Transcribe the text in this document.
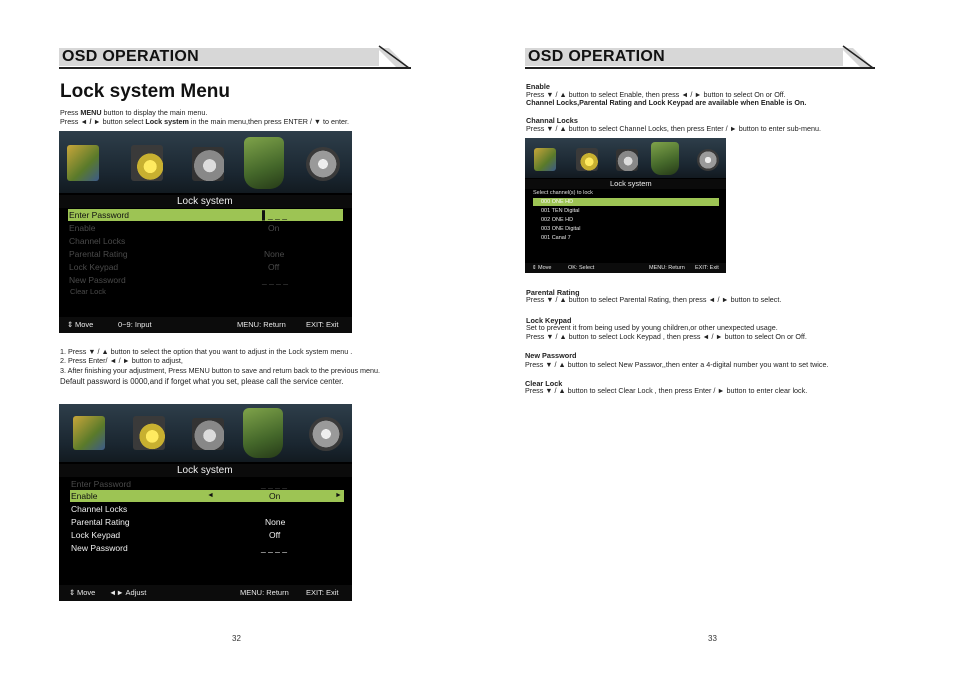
OSD OPERATION
Lock system Menu
Press MENU button to display the main menu.
Press ◄ / ► button select Lock system in the main menu,then press ENTER / ▼ to enter.
Lock system
Enter Password	▌_ _ _
Enable	On
Channel Locks
Parental Rating	None
Lock Keypad	Off
New Password	_ _ _ _
Clear Lock
⇕ Move	0~9: Input	MENU: Return	EXIT: Exit
1. Press ▼ / ▲ button to select the option that you want to adjust in the Lock system menu .
2. Press Enter/ ◄ / ► button to adjust,
3. After finishing your adjustment, Press MENU button to save and return back to the previous menu.
Default password is 0000,and if forget what you set, please call the service center.
Lock system
Enter Password	_ _ _ _
Enable	◄	On	►
Channel Locks
Parental Rating	None
Lock Keypad	Off
New Password	_ _ _ _
⇕ Move ◄► Adjust	MENU: Return EXIT: Exit
32
OSD OPERATION
Enable
Press ▼ / ▲ button to select Enable, then press ◄ / ► button to select On or Off.
Channel Locks,Parental Rating and Lock Keypad are available when Enable is On.
Channal Locks
Press ▼ / ▲ button to select Channel Locks, then press Enter / ► button to enter sub-menu.
Lock system
Select channel(s) to lock
000 ONE HD
001 TEN Digital
002 ONE HD
003 ONE Digital
001 Canal 7
⇕ Move	OK: Select	MENU: Return EXIT: Exit
Parental Rating
Press ▼ / ▲ button to select Parental Rating, then press ◄ / ► button to select.
Lock Keypad
Set to prevent it from being used by young children,or other unexpected usage.
Press ▼ / ▲ button to select Lock Keypad , then press ◄ / ► button to select On or Off.
New Password
Press ▼ / ▲ button to select New Passwor,,then enter a 4-digital number you want to set twice.
Clear Lock
Press ▼ / ▲ button to select Clear Lock , then press Enter / ► button to enter clear lock.
33
